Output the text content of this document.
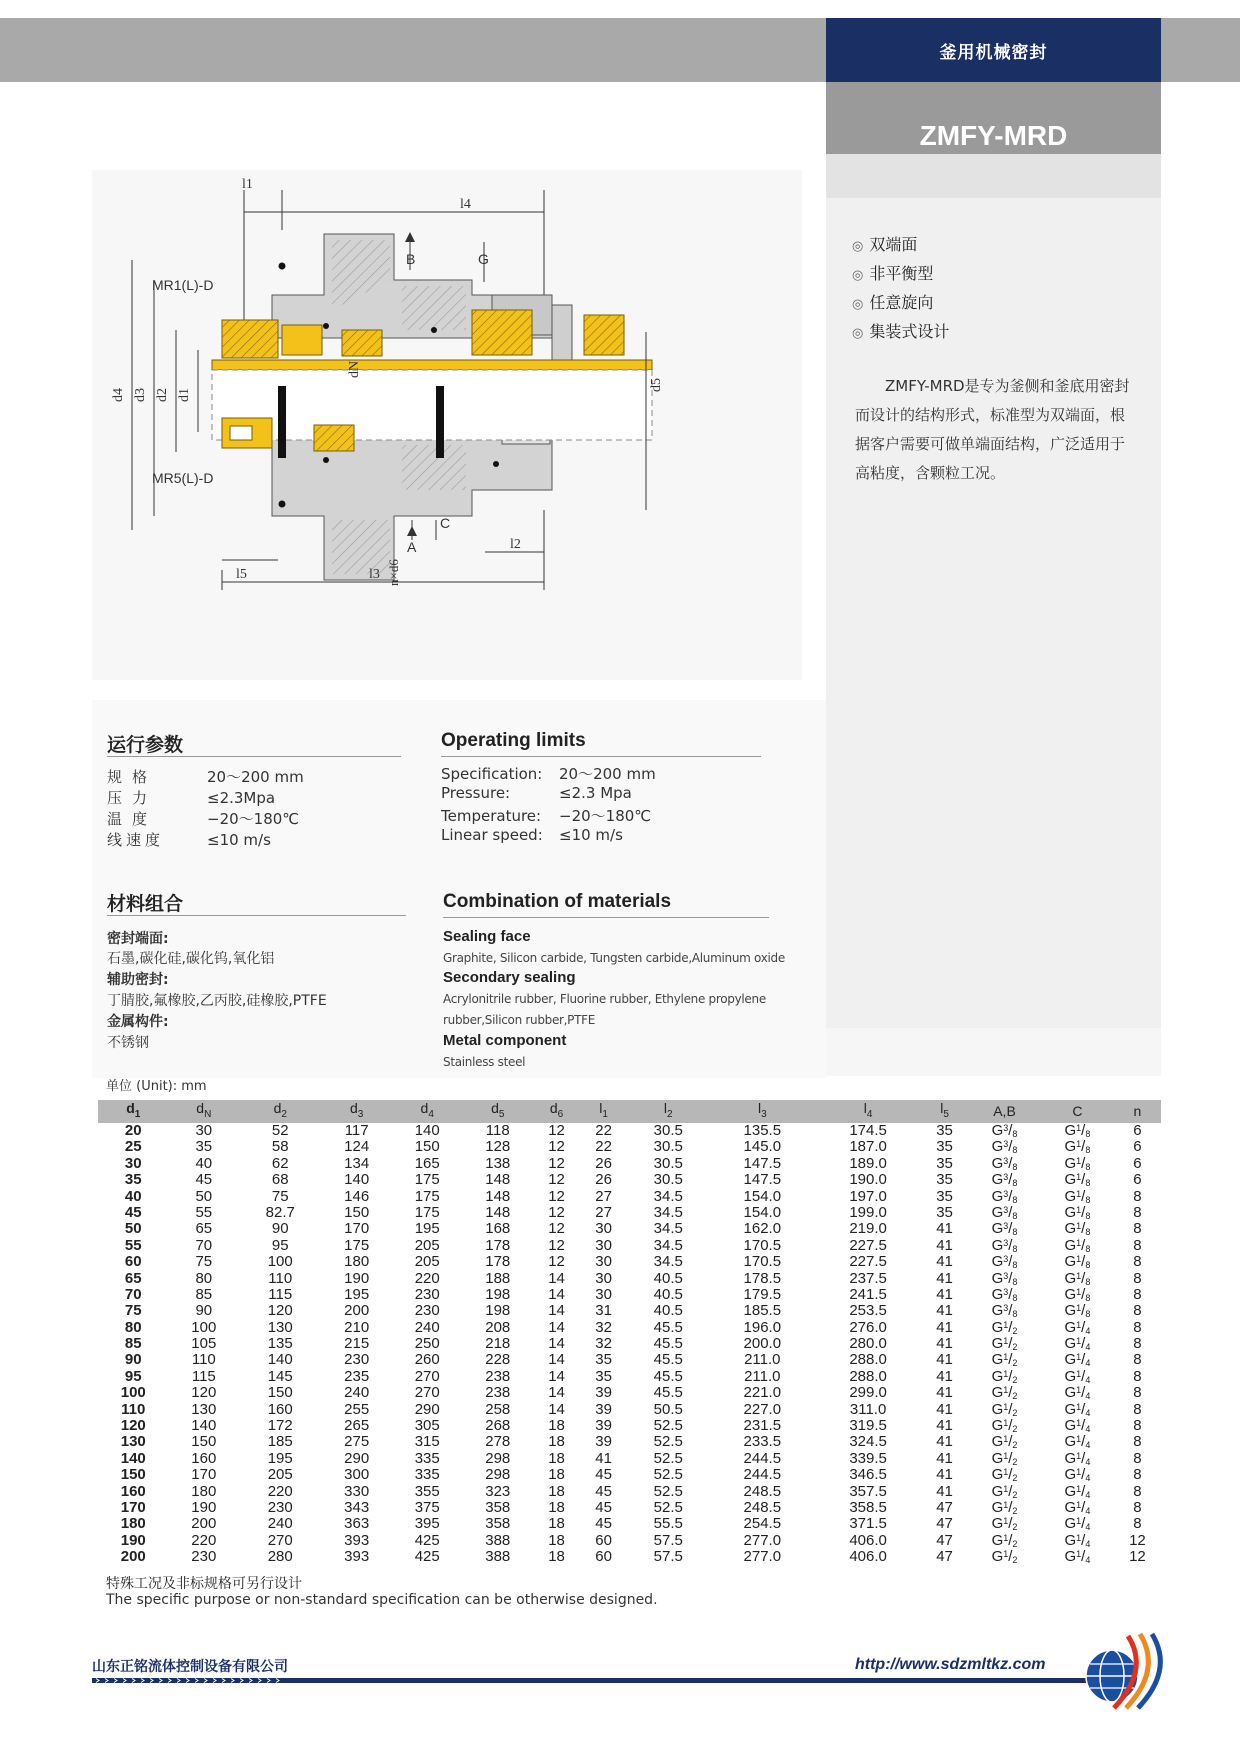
釜用机械密封
ZMFY-MRD
◎ 双端面
◎ 非平衡型
◎ 任意旋向
◎ 集装式设计
ZMFY-MRD是专为釜侧和釜底用密封而设计的结构形式，标准型为双端面，根据客户需要可做单端面结构，广泛适用于高粘度，含颗粒工况。
l1
l4
B	G
MR1(L)-D
MR5(L)-D
A
C
l2
l3
l5
d4 d3 d2 d1
dN
d5
n×d6
运行参数
规格	20～200 mm
压力	≤2.3Mpa
温度	−20～180℃
线速度	≤10 m/s
Operating limits
Specification: 20～200 mm
Pressure:	≤2.3 Mpa
Temperature: −20～180℃
Linear speed: ≤10 m/s
材料组合
密封端面:
石墨,碳化硅,碳化钨,氧化铝
辅助密封:
丁腈胶,氟橡胶,乙丙胶,硅橡胶,PTFE
金属构件:
不锈钢
Combination of materials
Sealing face
Graphite, Silicon carbide, Tungsten carbide,Aluminum oxide
Secondary sealing
Acrylonitrile rubber, Fluorine rubber, Ethylene propylene
rubber,Silicon rubber,PTFE
Metal component
Stainless steel
单位 (Unit): mm
$d_1$	$d_N$	$d_2$	$d_3$	$d_4$	$d_5$	$d_6$	$l_1$	$l_2$	$l_3$	$l_4$	$l_5$	A,B	C	n
20	30	52	117	140	118	12	22	30.5	135.5	174.5	35	$G^3/_8$	$G^1/_8$	6
25	35	58	124	150	128	12	22	30.5	145.0	187.0	35	$G^3/_8$	$G^1/_8$	6
30	40	62	134	165	138	12	26	30.5	147.5	189.0	35	$G^3/_8$	$G^1/_8$	6
35	45	68	140	175	148	12	26	30.5	147.5	190.0	35	$G^3/_8$	$G^1/_8$	6
40	50	75	146	175	148	12	27	34.5	154.0	197.0	35	$G^3/_8$	$G^1/_8$	8
45	55	82.7	150	175	148	12	27	34.5	154.0	199.0	35	$G^3/_8$	$G^1/_8$	8
50	65	90	170	195	168	12	30	34.5	162.0	219.0	41	$G^3/_8$	$G^1/_8$	8
55	70	95	175	205	178	12	30	34.5	170.5	227.5	41	$G^3/_8$	$G^1/_8$	8
60	75	100	180	205	178	12	30	34.5	170.5	227.5	41	$G^3/_8$	$G^1/_8$	8
65	80	110	190	220	188	14	30	40.5	178.5	237.5	41	$G^3/_8$	$G^1/_8$	8
70	85	115	195	230	198	14	30	40.5	179.5	241.5	41	$G^3/_8$	$G^1/_8$	8
75	90	120	200	230	198	14	31	40.5	185.5	253.5	41	$G^3/_8$	$G^1/_8$	8
80	100	130	210	240	208	14	32	45.5	196.0	276.0	41	$G^1/_2$	$G^1/_4$	8
85	105	135	215	250	218	14	32	45.5	200.0	280.0	41	$G^1/_2$	$G^1/_4$	8
90	110	140	230	260	228	14	35	45.5	211.0	288.0	41	$G^1/_2$	$G^1/_4$	8
95	115	145	235	270	238	14	35	45.5	211.0	288.0	41	$G^1/_2$	$G^1/_4$	8
100	120	150	240	270	238	14	39	45.5	221.0	299.0	41	$G^1/_2$	$G^1/_4$	8
110	130	160	255	290	258	14	39	50.5	227.0	311.0	41	$G^1/_2$	$G^1/_4$	8
120	140	172	265	305	268	18	39	52.5	231.5	319.5	41	$G^1/_2$	$G^1/_4$	8
130	150	185	275	315	278	18	39	52.5	233.5	324.5	41	$G^1/_2$	$G^1/_4$	8
140	160	195	290	335	298	18	41	52.5	244.5	339.5	41	$G^1/_2$	$G^1/_4$	8
150	170	205	300	335	298	18	45	52.5	244.5	346.5	41	$G^1/_2$	$G^1/_4$	8
160	180	220	330	355	323	18	45	52.5	248.5	357.5	41	$G^1/_2$	$G^1/_4$	8
170	190	230	343	375	358	18	45	52.5	248.5	358.5	47	$G^1/_2$	$G^1/_4$	8
180	200	240	363	395	358	18	45	55.5	254.5	371.5	47	$G^1/_2$	$G^1/_4$	8
190	220	270	393	425	388	18	60	57.5	277.0	406.0	47	$G^1/_2$	$G^1/_4$	12
200	230	280	393	425	388	18	60	57.5	277.0	406.0	47	$G^1/_2$	$G^1/_4$	12
特殊工况及非标规格可另行设计
The specific purpose or non-standard specification can be otherwise designed.
山东正铭流体控制设备有限公司	http://www.sdzmltkz.com
